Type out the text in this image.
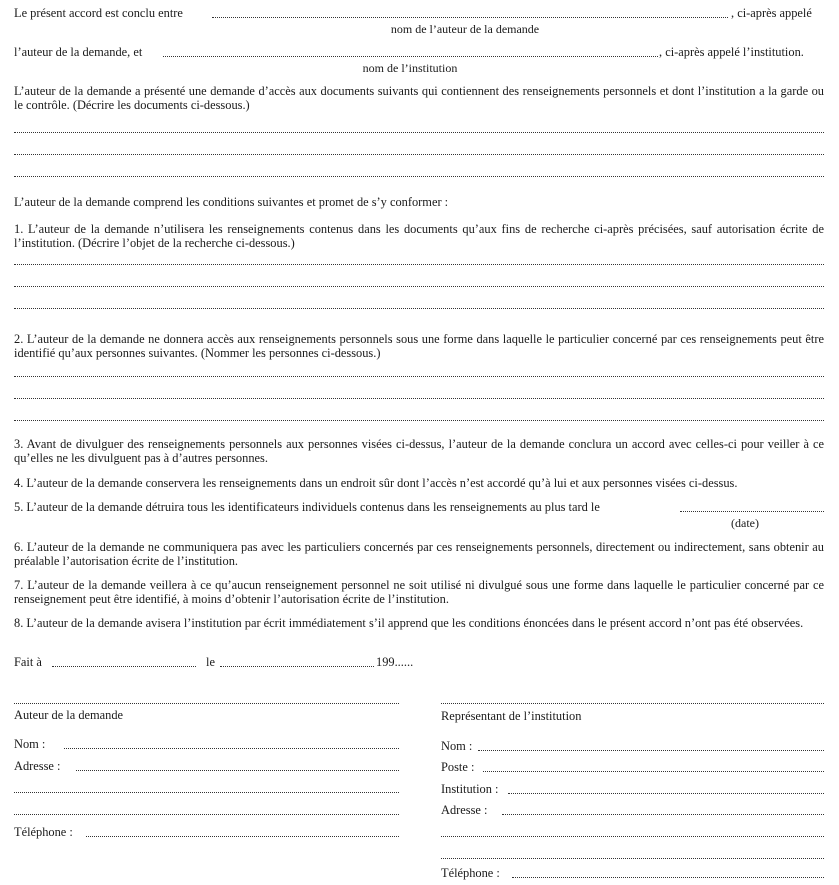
Le présent accord est conclu entre	, ci-après appelé
nom de l’auteur de la demande
l’auteur de la demande, et	, ci-après appelé l’institution.
nom de l’institution

L’auteur de la demande a présenté une demande d’accès aux documents suivants qui contiennent des renseignements personnels et dont l’institution a la garde ou le contrôle. (Décrire les documents ci-dessous.)

L’auteur de la demande comprend les conditions suivantes et promet de s’y conformer :

1. L’auteur de la demande n’utilisera les renseignements contenus dans les documents qu’aux fins de recherche ci-après précisées, sauf autorisation écrite de l’institution. (Décrire l’objet de la recherche ci-dessous.)

2. L’auteur de la demande ne donnera accès aux renseignements personnels sous une forme dans laquelle le particulier concerné par ces renseignements peut être identifié qu’aux personnes suivantes. (Nommer les personnes ci-dessous.)

3. Avant de divulguer des renseignements personnels aux personnes visées ci-dessus, l’auteur de la demande conclura un accord avec celles-ci pour veiller à ce qu’elles ne les divulguent pas à d’autres personnes.

4. L’auteur de la demande conservera les renseignements dans un endroit sûr dont l’accès n’est accordé qu’à lui et aux personnes visées ci-dessus.

5. L’auteur de la demande détruira tous les identificateurs individuels contenus dans les renseignements au plus tard le
(date)

6. L’auteur de la demande ne communiquera pas avec les particuliers concernés par ces renseignements personnels, directement ou indirectement, sans obtenir au préalable l’autorisation écrite de l’institution.

7. L’auteur de la demande veillera à ce qu’aucun renseignement personnel ne soit utilisé ni divulgué sous une forme dans laquelle le particulier concerné par ce renseignement peut être identifié, à moins d’obtenir l’autorisation écrite de l’institution.

8. L’auteur de la demande avisera l’institution par écrit immédiatement s’il apprend que les conditions énoncées dans le présent accord n’ont pas été observées.

Fait à	le	199......
Auteur de la demande
Nom :
Adresse :
Téléphone :
Représentant de l’institution
Nom :
Poste :
Institution :
Adresse :
Téléphone :
